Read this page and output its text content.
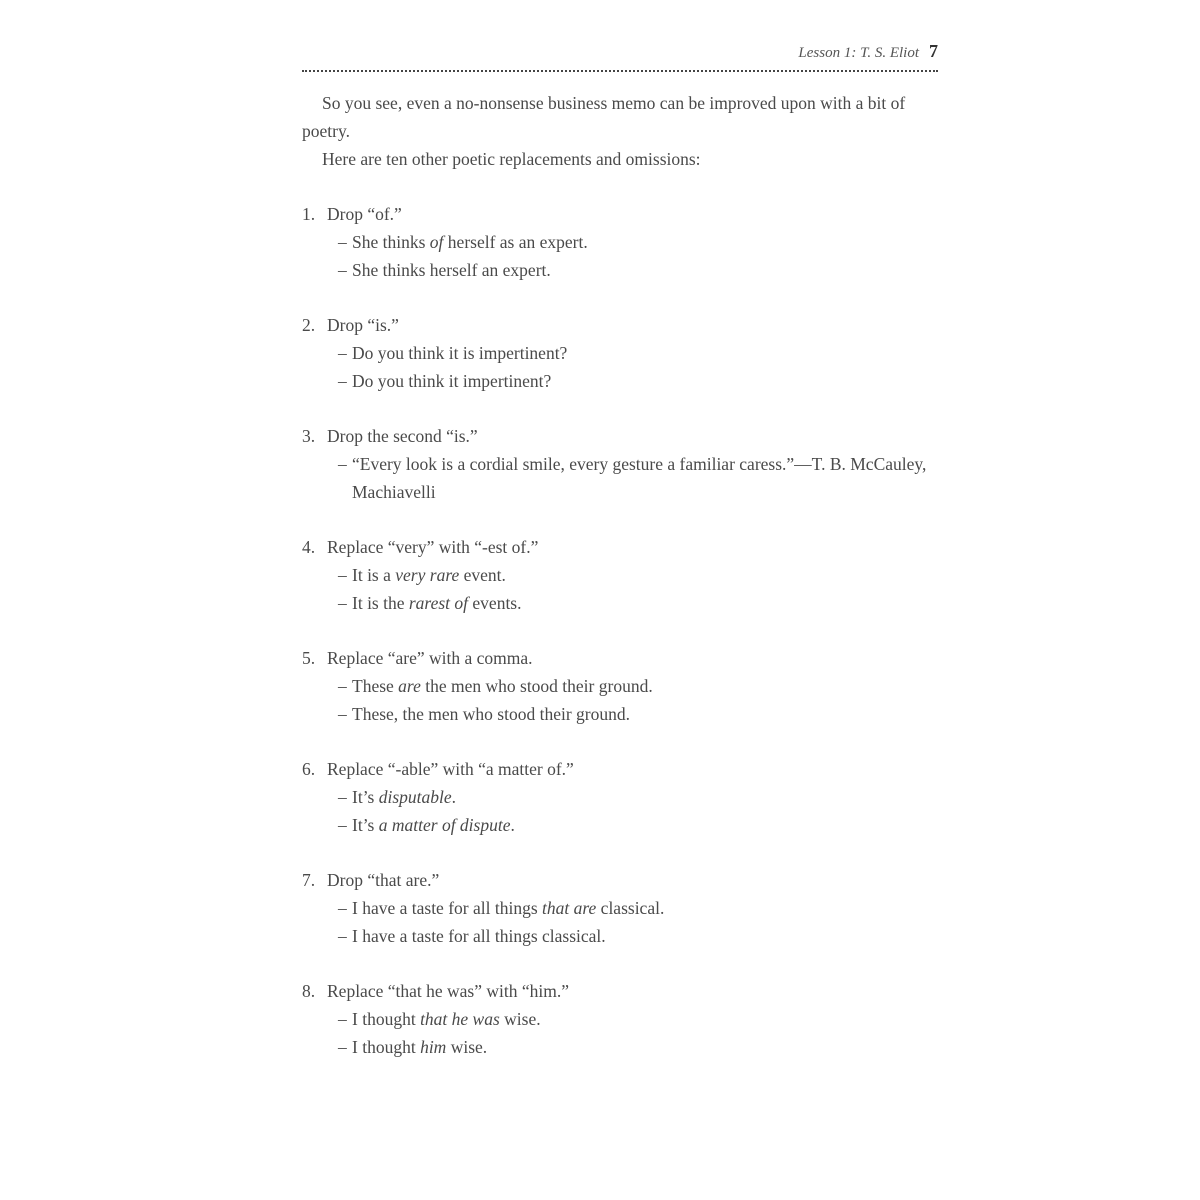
Lesson 1: T. S. Eliot 7

So you see, even a no-nonsense business memo can be improved upon with a bit of poetry.

Here are ten other poetic replacements and omissions:

1. Drop “of.”

– She thinks of herself as an expert.

– She thinks herself an expert.

2. Drop “is.”

– Do you think it is impertinent?

– Do you think it impertinent?

3. Drop the second “is.”

– “Every look is a cordial smile, every gesture a familiar caress.”—T. B. McCauley, Machiavelli

4. Replace “very” with “-est of.”

– It is a very rare event.

– It is the rarest of events.

5. Replace “are” with a comma.

– These are the men who stood their ground.

– These, the men who stood their ground.

6. Replace “-able” with “a matter of.”

– It’s disputable.

– It’s a matter of dispute.

7. Drop “that are.”

– I have a taste for all things that are classical.

– I have a taste for all things classical.

8. Replace “that he was” with “him.”

– I thought that he was wise.

– I thought him wise.
